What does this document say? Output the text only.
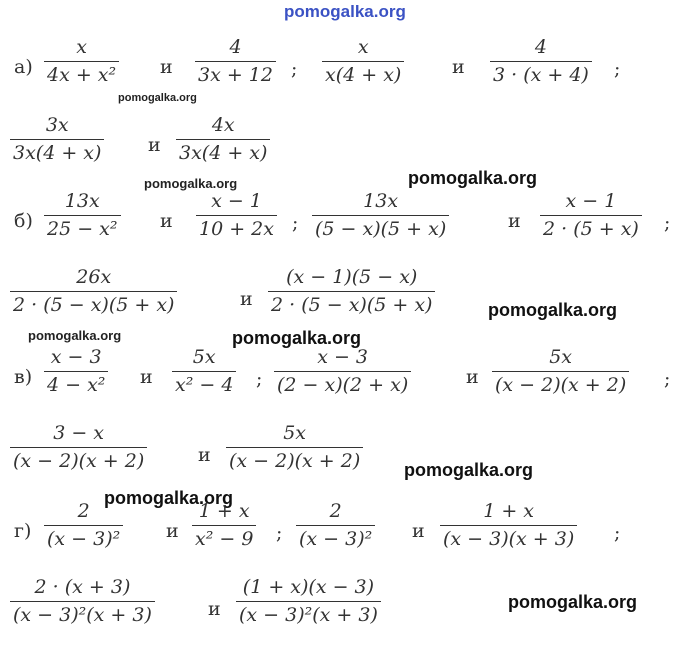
pomogalka.org
pomogalka.org
pomogalka.org	pomogalka.org
pomogalka.org
pomogalka.org	pomogalka.org
pomogalka.org
pomogalka.org
pomogalka.org
а)
x
4x + x² и
4
3x + 12 ;
x
x(4 + x)	и
4
3 · (x + 4) ;
3x
3x(4 + x) и
4x
3x(4 + x)
б)
13x
25 − x² и
x − 1
10 + 2x ;
13x
(5 − x)(5 + x)	и
x − 1
2 · (5 + x) ;
26x
2 · (5 − x)(5 + x)	и
(x − 1)(5 − x)
2 · (5 − x)(5 + x)
в)
x − 3
4 − x² и
5x
x² − 4 ;
x − 3
(2 − x)(2 + x)	и
5x
(x − 2)(x + 2) ;
3 − x
(x − 2)(x + 2)	и
5x
(x − 2)(x + 2)
г)
2
(x − 3)² и
1 + x
x² − 9 ;
2
(x − 3)² и
1 + x
(x − 3)(x + 3) ;
2 · (x + 3)
(x − 3)²(x + 3)	и
(1 + x)(x − 3)
(x − 3)²(x + 3)
